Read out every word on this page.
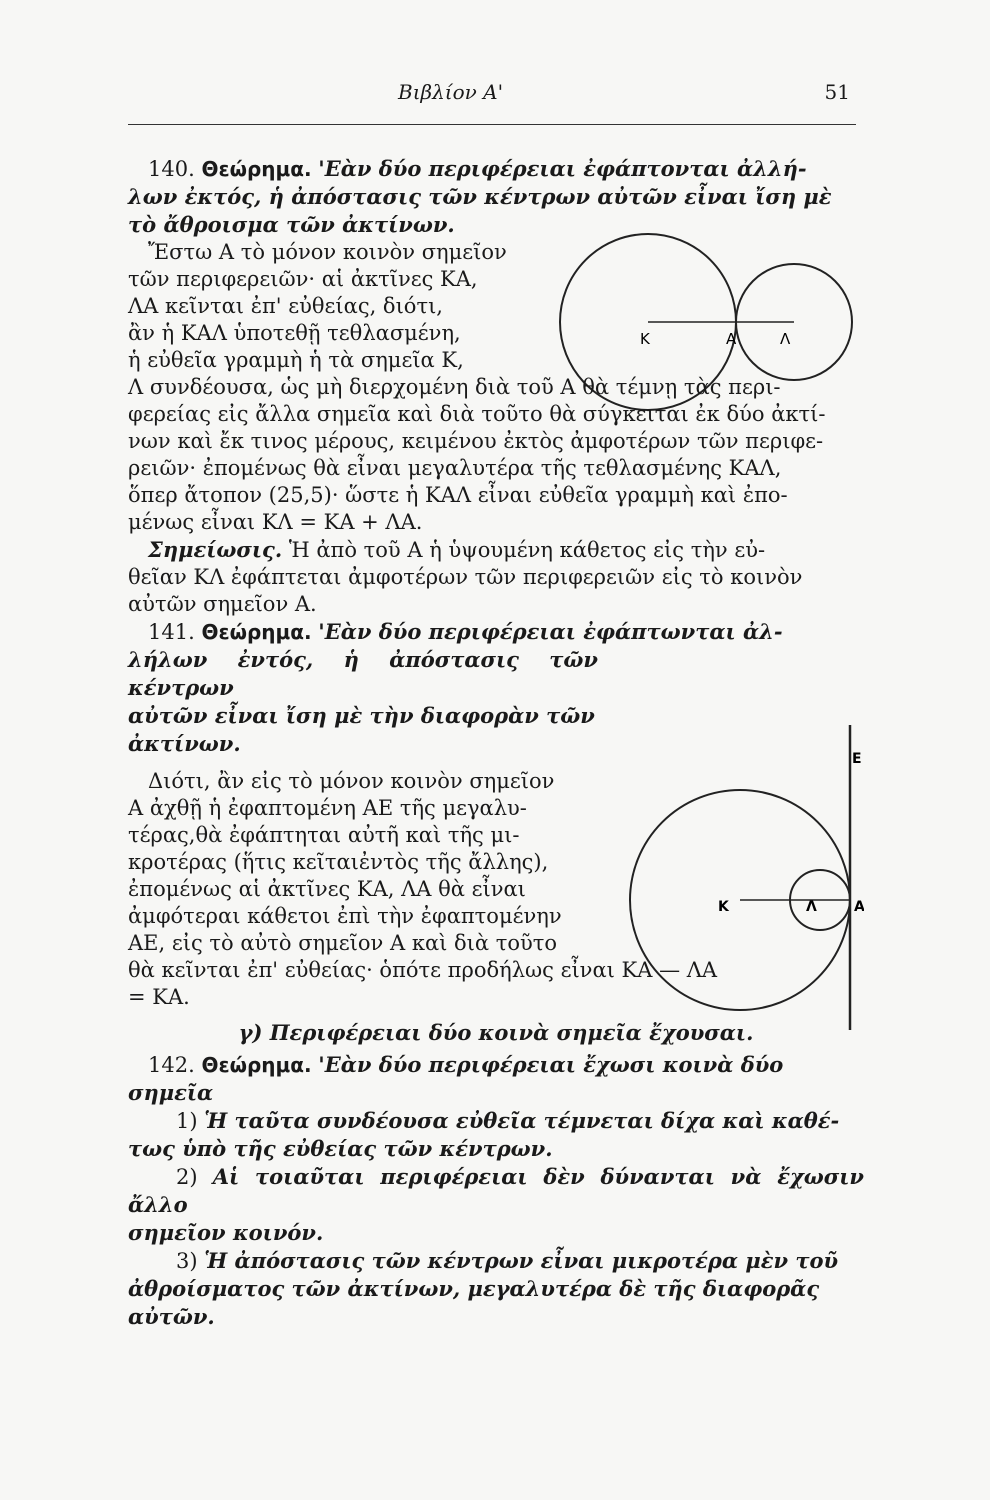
Βιβλίον Α'	51
Κ	Α	Λ
Ε
Κ	Λ	Α

140. Θεώρημα. 'Εὰν δύο περιφέρειαι ἐφάπτονται ἀλλή-

λων ἐκτός, ἡ ἀπόστασις τῶν κέντρων αὐτῶν εἶναι ἴση μὲ

τὸ ἄθροισμα τῶν ἀκτίνων.

Ἔστω Α τὸ μόνον κοινὸν σημεῖον

τῶν περιφερειῶν· αἱ ἀκτῖνες ΚΑ,

ΛΑ κεῖνται ἐπ' εὐθείας, διότι,

ἂν ἡ ΚΑΛ ὑποτεθῇ τεθλασμένη,

ἡ εὐθεῖα γραμμὴ ἡ τὰ σημεῖα Κ,

Λ συνδέουσα, ὡς μὴ διερχομένη διὰ τοῦ Α θὰ τέμνῃ τὰς περι-

φερείας εἰς ἄλλα σημεῖα καὶ διὰ τοῦτο θὰ σύγκειται ἐκ δύο ἀκτί-

νων καὶ ἔκ τινος μέρους, κειμένου ἐκτὸς ἀμφοτέρων τῶν περιφε-

ρειῶν· ἐπομένως θὰ εἶναι μεγαλυτέρα τῆς τεθλασμένης ΚΑΛ,

ὅπερ ἄτοπον (25,5)· ὥστε ἡ ΚΑΛ εἶναι εὐθεῖα γραμμὴ καὶ ἐπο-

μένως εἶναι ΚΛ = ΚΑ + ΛΑ.

Σημείωσις. Ἡ ἀπὸ τοῦ Α ἡ ὑψουμένη κάθετος εἰς τὴν εὐ-

θεῖαν ΚΛ ἐφάπτεται ἀμφοτέρων τῶν περιφερειῶν εἰς τὸ κοινὸν

αὐτῶν σημεῖον Α.

141. Θεώρημα. 'Εὰν δύο περιφέρειαι ἐφάπτωνται ἀλ-

λήλων ἐντός, ἡ ἀπόστασις τῶν κέντρων

αὐτῶν εἶναι ἴση μὲ τὴν διαφορὰν τῶν

ἀκτίνων.

Διότι, ἂν εἰς τὸ μόνον κοινὸν σημεῖον

Α ἀχθῇ ἡ ἐφαπτομένη ΑΕ τῆς μεγαλυ-

τέρας,θὰ ἐφάπτηται αὐτῆ καὶ τῆς μι-

κροτέρας (ἥτις κεῖταιἐντὸς τῆς ἄλλης),

ἐπομένως αἱ ἀκτῖνες ΚΑ, ΛΑ θὰ εἶναι

ἀμφότεραι κάθετοι ἐπὶ τὴν ἐφαπτομένην

ΑΕ, εἰς τὸ αὐτὸ σημεῖον Α καὶ διὰ τοῦτο

θὰ κεῖνται ἐπ' εὐθείας· ὁπότε προδήλως εἶναι ΚΑ — ΛΑ

= ΚΑ.

γ) Περιφέρειαι δύο κοινὰ σημεῖα ἔχουσαι.

142. Θεώρημα. 'Εὰν δύο περιφέρειαι ἔχωσι κοινὰ δύο

σημεῖα

1) Ἡ ταῦτα συνδέουσα εὐθεῖα τέμνεται δίχα καὶ καθέ-

τως ὑπὸ τῆς εὐθείας τῶν κέντρων.

2) Αἱ τοιαῦται περιφέρειαι δὲν δύνανται νὰ ἔχωσιν ἄλλο

σημεῖον κοινόν.

3) Ἡ ἀπόστασις τῶν κέντρων εἶναι μικροτέρα μὲν τοῦ

ἀθροίσματος τῶν ἀκτίνων, μεγαλυτέρα δὲ τῆς διαφορᾶς

αὐτῶν.
